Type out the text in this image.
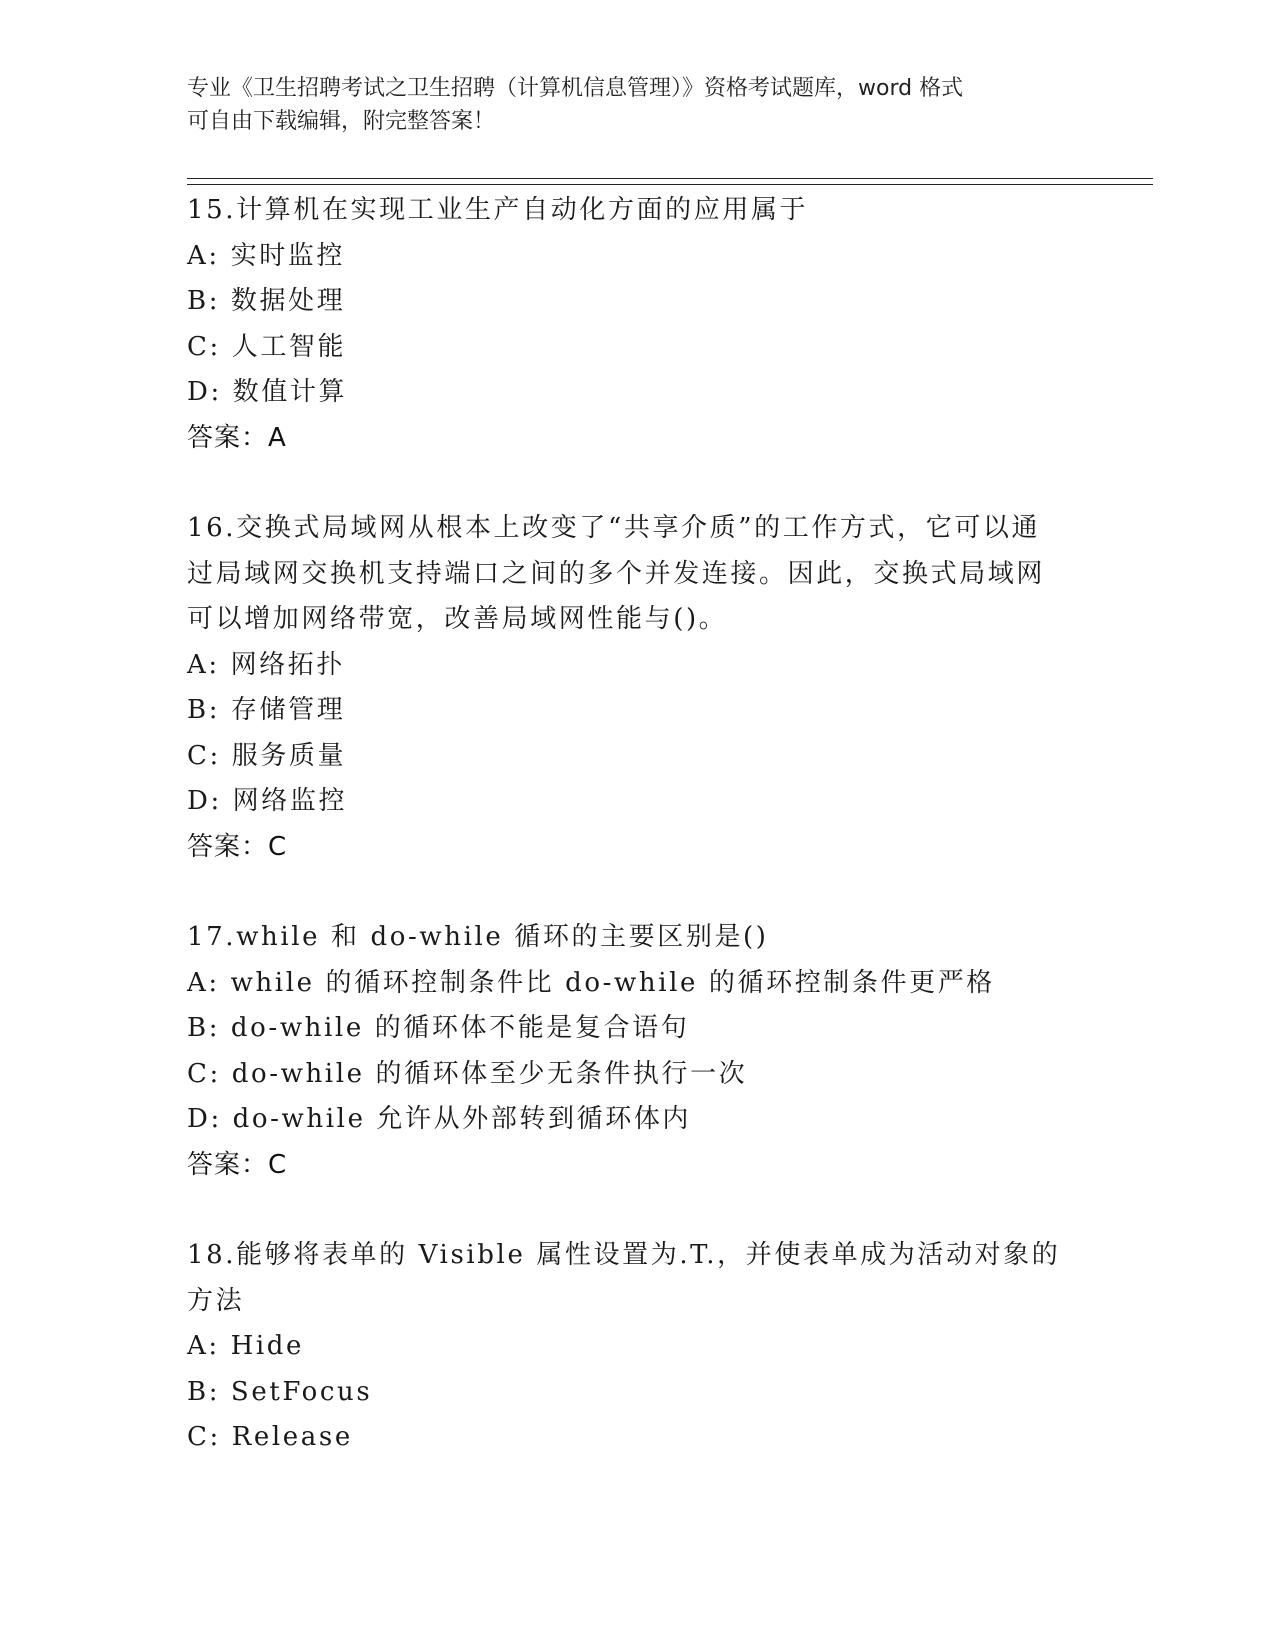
专业《卫生招聘考试之卫生招聘（计算机信息管理）》资格考试题库，word 格式
可自由下载编辑，附完整答案！

15.计算机在实现工业生产自动化方面的应用属于

A: 实时监控

B: 数据处理

C: 人工智能

D: 数值计算

答案：A

16.交换式局域网从根本上改变了“共享介质”的工作方式，它可以通过局域网交换机支持端口之间的多个并发连接。因此，交换式局域网可以增加网络带宽，改善局域网性能与()。

A: 网络拓扑

B: 存储管理

C: 服务质量

D: 网络监控

答案：C

17.while 和 do-while 循环的主要区别是()

A: while 的循环控制条件比 do-while 的循环控制条件更严格

B: do-while 的循环体不能是复合语句

C: do-while 的循环体至少无条件执行一次

D: do-while 允许从外部转到循环体内

答案：C

18.能够将表单的 Visible 属性设置为.T.，并使表单成为活动对象的方法

A: Hide

B: SetFocus

C: Release
